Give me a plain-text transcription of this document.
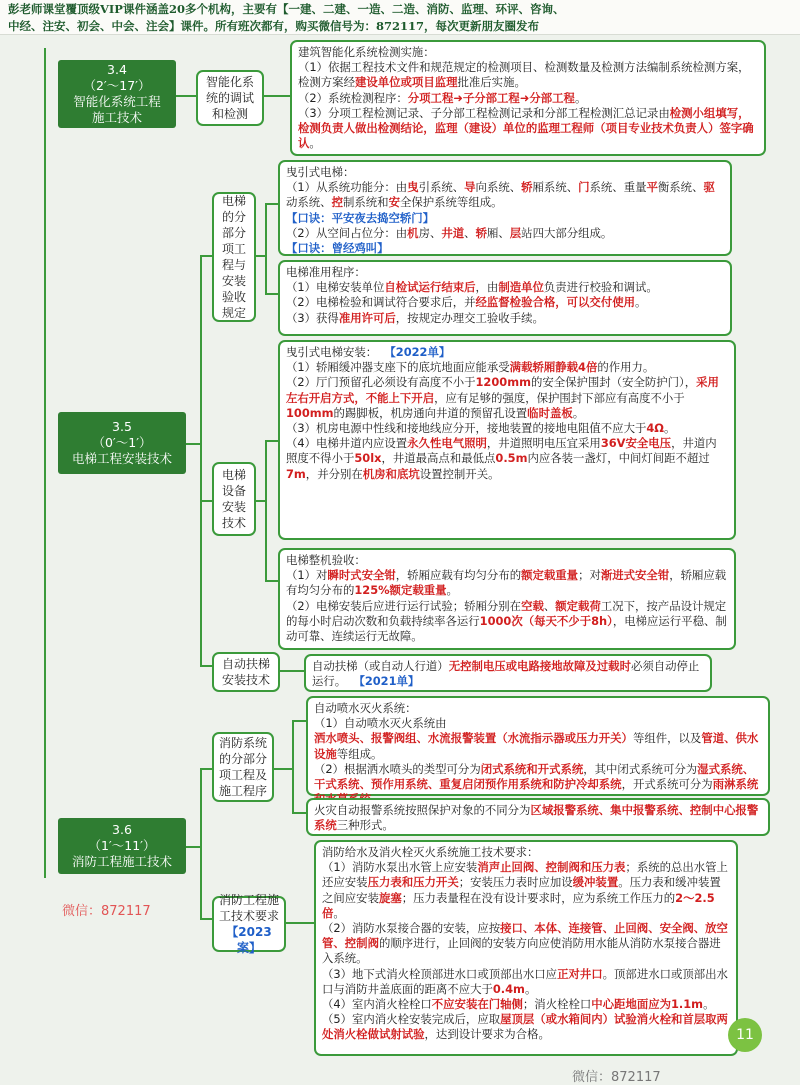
彭老师课堂覆顶级VIP课件涵盖20多个机构，主要有【一建、二建、一造、二造、消防、监理、环评、咨询、

中经、注安、初会、中会、注会】课件。所有班次都有，购买微信号为：872117，每次更新朋友圈发布

3.4
（2′～17′）
智能化系统工程
施工技术
智能化系统的调试和检测

建筑智能化系统检测实施：

（1）依据工程技术文件和规范规定的检测项目、检测数量及检测方法编制系统检测方案，检测方案经建设单位或项目监理批准后实施。

（2）系统检测程序：分项工程➜子分部工程➜分部工程。

（3）分项工程检测记录、子分部工程检测记录和分部工程检测汇总记录由检测小组填写，检测负责人做出检测结论，监理（建设）单位的监理工程师（项目专业技术负责人）签字确认。

3.5
（0′～1′）
电梯工程安装技术
电梯的分部分项工程与安装验收规定

曳引式电梯：

（1）从系统功能分：由曳引系统、导向系统、轿厢系统、门系统、重量平衡系统、驱动系统、控制系统和安全保护系统等组成。

【口诀：平安夜去捣空轿门】

（2）从空间占位分：由机房、井道、轿厢、层站四大部分组成。

【口诀：曾经鸡叫】

电梯准用程序：

（1）电梯安装单位自检试运行结束后，由制造单位负责进行校验和调试。

（2）电梯检验和调试符合要求后，并经监督检验合格，可以交付使用。

（3）获得准用许可后，按规定办理交工验收手续。

电梯设备安装技术

曳引式电梯安装： 【2022单】

（1）轿厢缓冲器支座下的底坑地面应能承受满载轿厢静载4倍的作用力。

（2）厅门预留孔必须设有高度不小于1200mm的安全保护围封（安全防护门），采用左右开启方式，不能上下开启，应有足够的强度，保护围封下部应有高度不小于100mm的踢脚板，机房通向井道的预留孔设置临时盖板。

（3）机房电源中性线和接地线应分开，接地装置的接地电阻值不应大于4Ω。

（4）电梯井道内应设置永久性电气照明，井道照明电压宜采用36V安全电压，井道内照度不得小于50lx，井道最高点和最低点0.5m内应各装一盏灯，中间灯间距不超过7m，并分别在机房和底坑设置控制开关。

电梯整机验收：

（1）对瞬时式安全钳，轿厢应载有均匀分布的额定载重量；对渐进式安全钳，轿厢应载有均匀分布的125%额定载重量。

（2）电梯安装后应进行运行试验；轿厢分别在空载、额定载荷工况下，按产品设计规定的每小时启动次数和负载持续率各运行1000次（每天不少于8h），电梯应运行平稳、制动可靠、连续运行无故障。

自动扶梯安装技术

自动扶梯（或自动人行道）无控制电压或电路接地故障及过载时必须自动停止运行。 【2021单】

3.6
（1′～11′）
消防工程施工技术
消防系统的分部分项工程及施工程序

自动喷水灭火系统：

（1）自动喷水灭火系统由洒水喷头、报警阀组、水流报警装置（水流指示器或压力开关）等组件，以及管道、供水设施等组成。

（2）根据洒水喷头的类型可分为闭式系统和开式系统，其中闭式系统可分为湿式系统、干式系统、预作用系统、重复启闭预作用系统和防护冷却系统，开式系统可分为雨淋系统

火灾自动报警系统按照保护对象的不同分为区域报警系统、集中报警系统、控制中心报警系统三种形式。

消防工程施工技术要求
【2023案】

消防给水及消火栓灭火系统施工技术要求：

（1）消防水泵出水管上应安装消声止回阀、控制阀和压力表；系统的总出水管上还应安装压力表和压力开关；安装压力表时应加设缓冲装置。压力表和缓冲装置之间应安装旋塞；压力表量程在没有设计要求时，应为系统工作压力的2～2.5倍。

（2）消防水泵接合器的安装，应按接口、本体、连接管、止回阀、安全阀、放空管、控制阀的顺序进行，止回阀的安装方向应使消防用水能从消防水泵接合器进入系统。

（3）地下式消火栓顶部进水口或顶部出水口应正对井口。顶部进水口或顶部出水口与消防井盖底面的距离不应大于0.4m。

（4）室内消火栓栓口不应安装在门轴侧；消火栓栓口中心距地面应为1.1m。

（5）室内消火栓安装完成后，应取屋顶层（或水箱间内）试验消火栓和首层取两处消火栓做试射试验，达到设计要求为合格。

微信：872117
11
微信：872117
